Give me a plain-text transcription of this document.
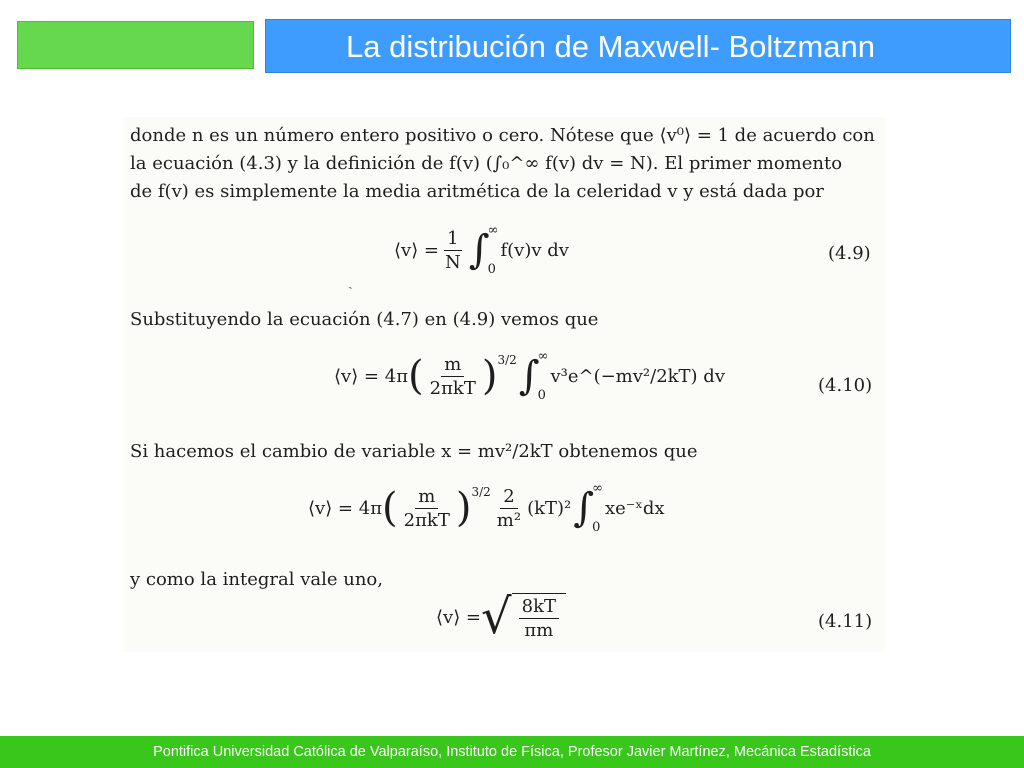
La distribución de Maxwell- Boltzmann
donde n es un número entero positivo o cero. Nótese que ⟨v⁰⟩ = 1 de acuerdo con
la ecuación (4.3) y la definición de f(v) (∫₀^∞ f(v) dv = N). El primer momento
de f(v) es simplemente la media aritmética de la celeridad v y está dada por
⟨v⟩ = $\frac{1}{N}$ ∫
∞
0
f(v)v dv	(4.9)
ˏ
Substituyendo la ecuación (4.7) en (4.9) vemos que
⟨v⟩ = 4π ( $\frac{m}{\text{2πkT}} )^{3/2}$ ∫
∞
0
v³e^(−mv²/2kT) dv	(4.10)
Si hacemos el cambio de variable x = mv²/2kT obtenemos que
⟨v⟩ = 4π ( $\frac{m}{\text{2πkT}} )^{3/2} \frac{2}{\text{m²}} (kT)^2$ ∫
∞
0
xe⁻ˣdx
y como la integral vale uno,
⟨v⟩ = √ $\frac{8kT}{\pi m}$	(4.11)
Pontifica Universidad Católica de Valparaíso, Instituto de Física, Profesor Javier Martínez, Mecánica Estadística
